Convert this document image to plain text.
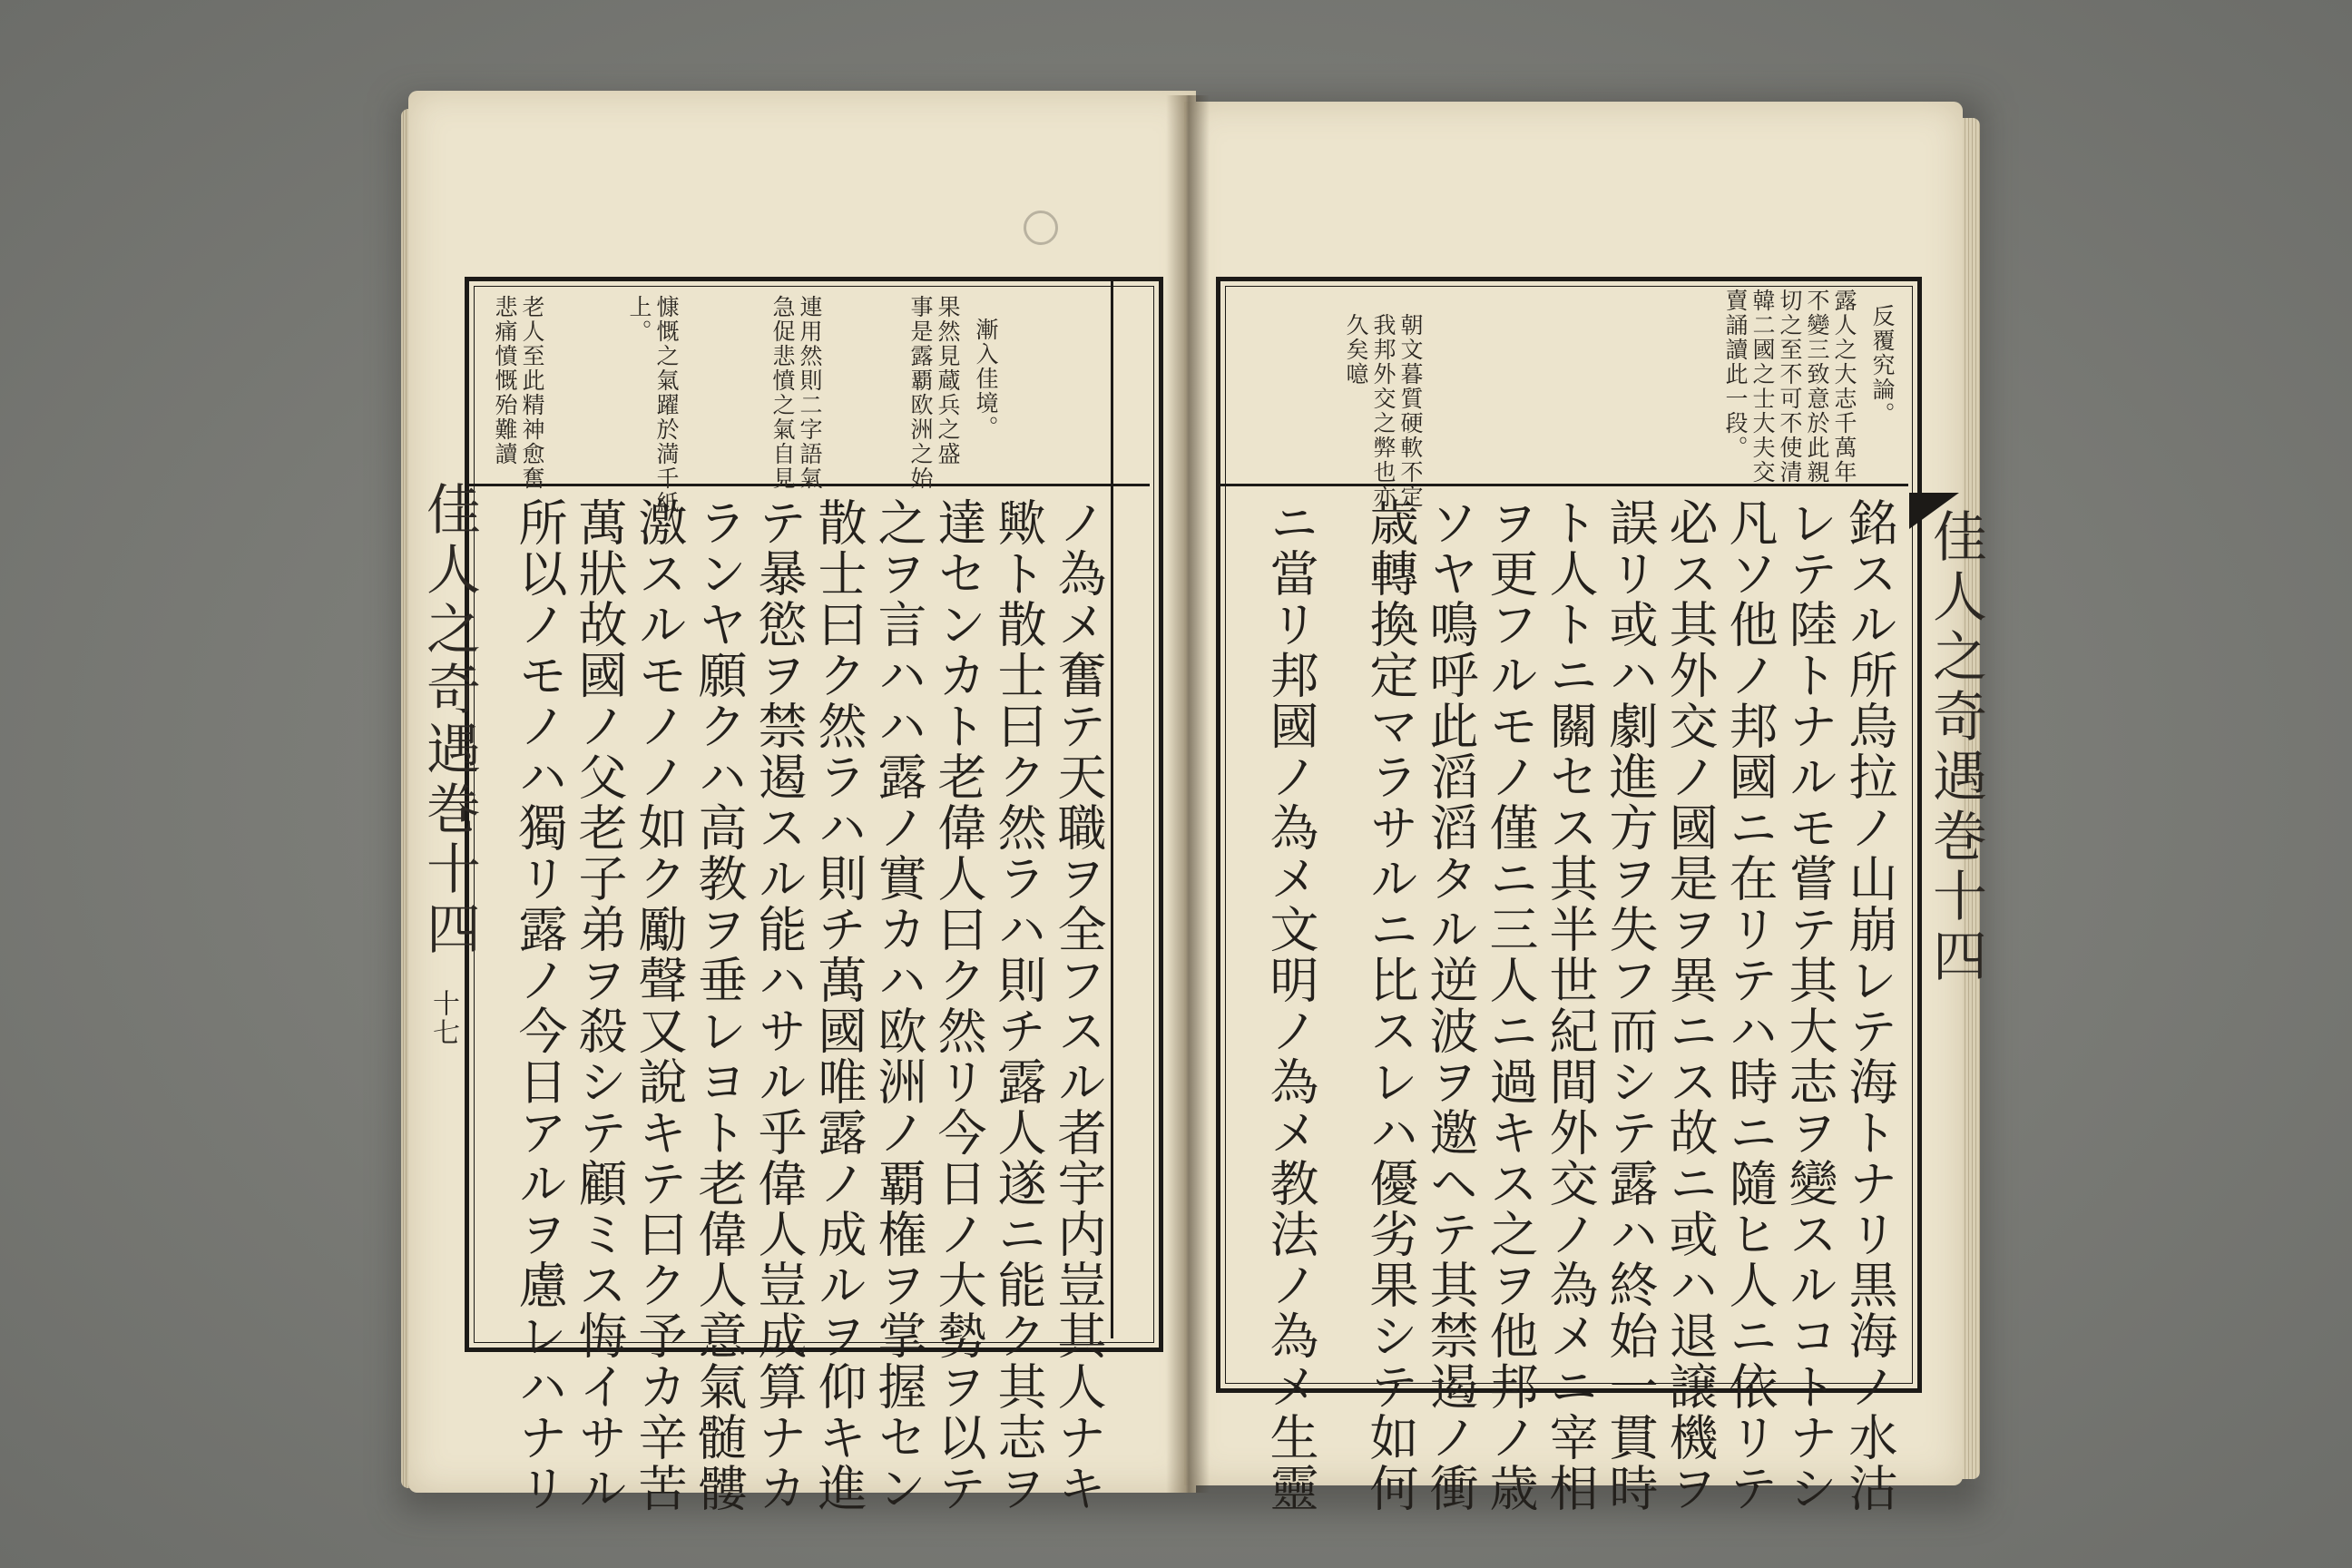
佳人之奇遇巻十四
十七
漸入佳境。
果然見蔵兵之盛
事是露覇欧洲之始
連用然則二字語氣
急促悲憤之氣自見
慷慨之氣躍於満千紙
上。
老人至此精神愈奮
悲痛憤慨殆難讀
ノ為メ奮テ天職ヲ全フスル者宇内豈其人ナキ
歟ト散士曰ク然ラハ則チ露人遂ニ能ク其志ヲ
達センカト老偉人曰ク然リ今日ノ大勢ヲ以テ
之ヲ言ハハ露ノ實カハ欧洲ノ覇権ヲ掌握セン
散士曰ク然ラハ則チ萬國唯露ノ成ルヲ仰キ進
テ暴慾ヲ禁遏スル能ハサル乎偉人豈成算ナカ
ランヤ願クハ高教ヲ垂レヨト老偉人意氣髄髏
激スルモノノ如ク勵聲又說キテ曰ク予カ辛苦
萬狀故國ノ父老子弟ヲ殺シテ顧ミス悔イサル
所以ノモノハ獨リ露ノ今日アルヲ慮レハナリ	佳人之奇遇巻十四
反覆究論。
露人之大志千萬年
不變三致意於此親
切之至不可不使清
韓二國之士大夫交
賣誦讀此一段。
朝文暮質硬軟不定
我邦外交之弊也亦
久矣噫
銘スル所烏拉ノ山崩レテ海トナリ黒海ノ水沽
レテ陸トナルモ嘗テ其大志ヲ變スルコトナシ
凡ソ他ノ邦國ニ在リテハ時ニ隨ヒ人ニ依リテ
必ス其外交ノ國是ヲ異ニス故ニ或ハ退譲機ヲ
誤リ或ハ劇進方ヲ失フ而シテ露ハ終始一貫時
ト人トニ關セス其半世紀間外交ノ為メニ宰相
ヲ更フルモノ僅ニ三人ニ過キス之ヲ他邦ノ歳
ソヤ鳴呼此滔滔タル逆波ヲ邀ヘテ其禁遏ノ衝
歳轉換定マラサルニ比スレハ優劣果シテ如何
ニ當リ邦國ノ為メ文明ノ為メ教法ノ為メ生靈
